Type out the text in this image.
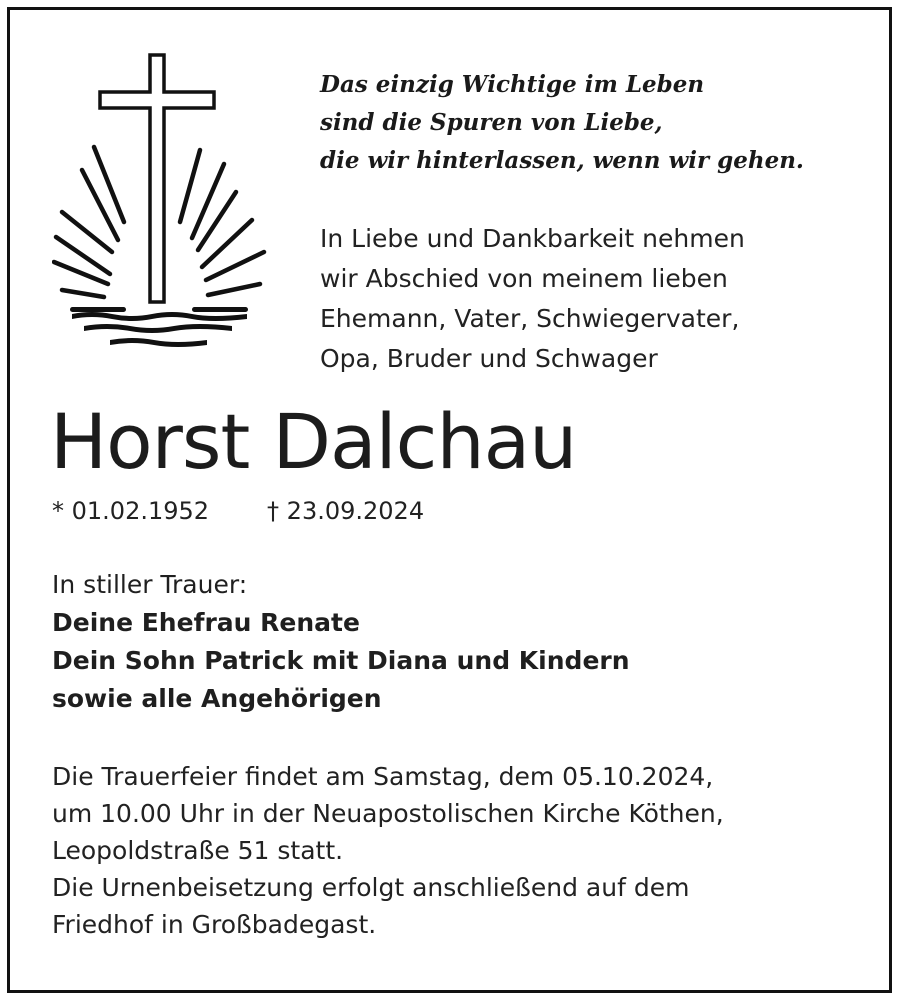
Das einzig Wichtige im Leben
sind die Spuren von Liebe,
die wir hinterlassen, wenn wir gehen.
In Liebe und Dankbarkeit nehmen
wir Abschied von meinem lieben
Ehemann, Vater, Schwiegervater,
Opa, Bruder und Schwager
Horst Dalchau
* 01.02.1952 † 23.09.2024
In stiller Trauer:
Deine Ehefrau Renate
Dein Sohn Patrick mit Diana und Kindern
sowie alle Angehörigen
Die Trauerfeier findet am Samstag, dem 05.10.2024,
um 10.00 Uhr in der Neuapostolischen Kirche Köthen,
Leopoldstraße 51 statt.
Die Urnenbeisetzung erfolgt anschließend auf dem
Friedhof in Großbadegast.
